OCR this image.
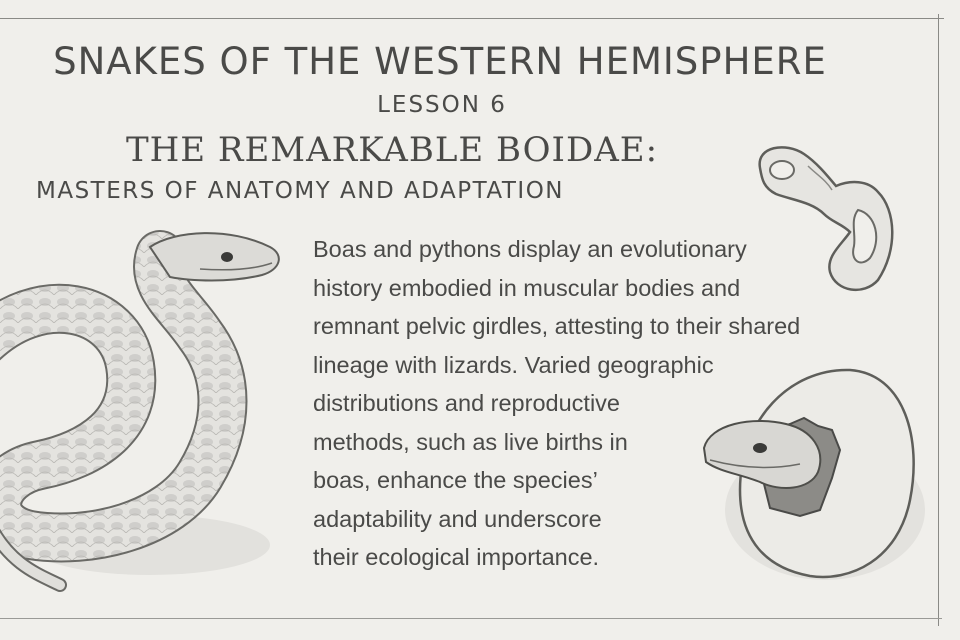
SNAKES OF THE WESTERN HEMISPHERE
LESSON 6
THE REMARKABLE BOIDAE:
MASTERS OF ANATOMY AND ADAPTATION

Boas and pythons display an evolutionary
history embodied in muscular bodies and
remnant pelvic girdles, attesting to their shared
lineage with lizards. Varied geographic
distributions and reproductive
methods, such as live births in
boas, enhance the species’
adaptability and underscore
their ecological importance.
